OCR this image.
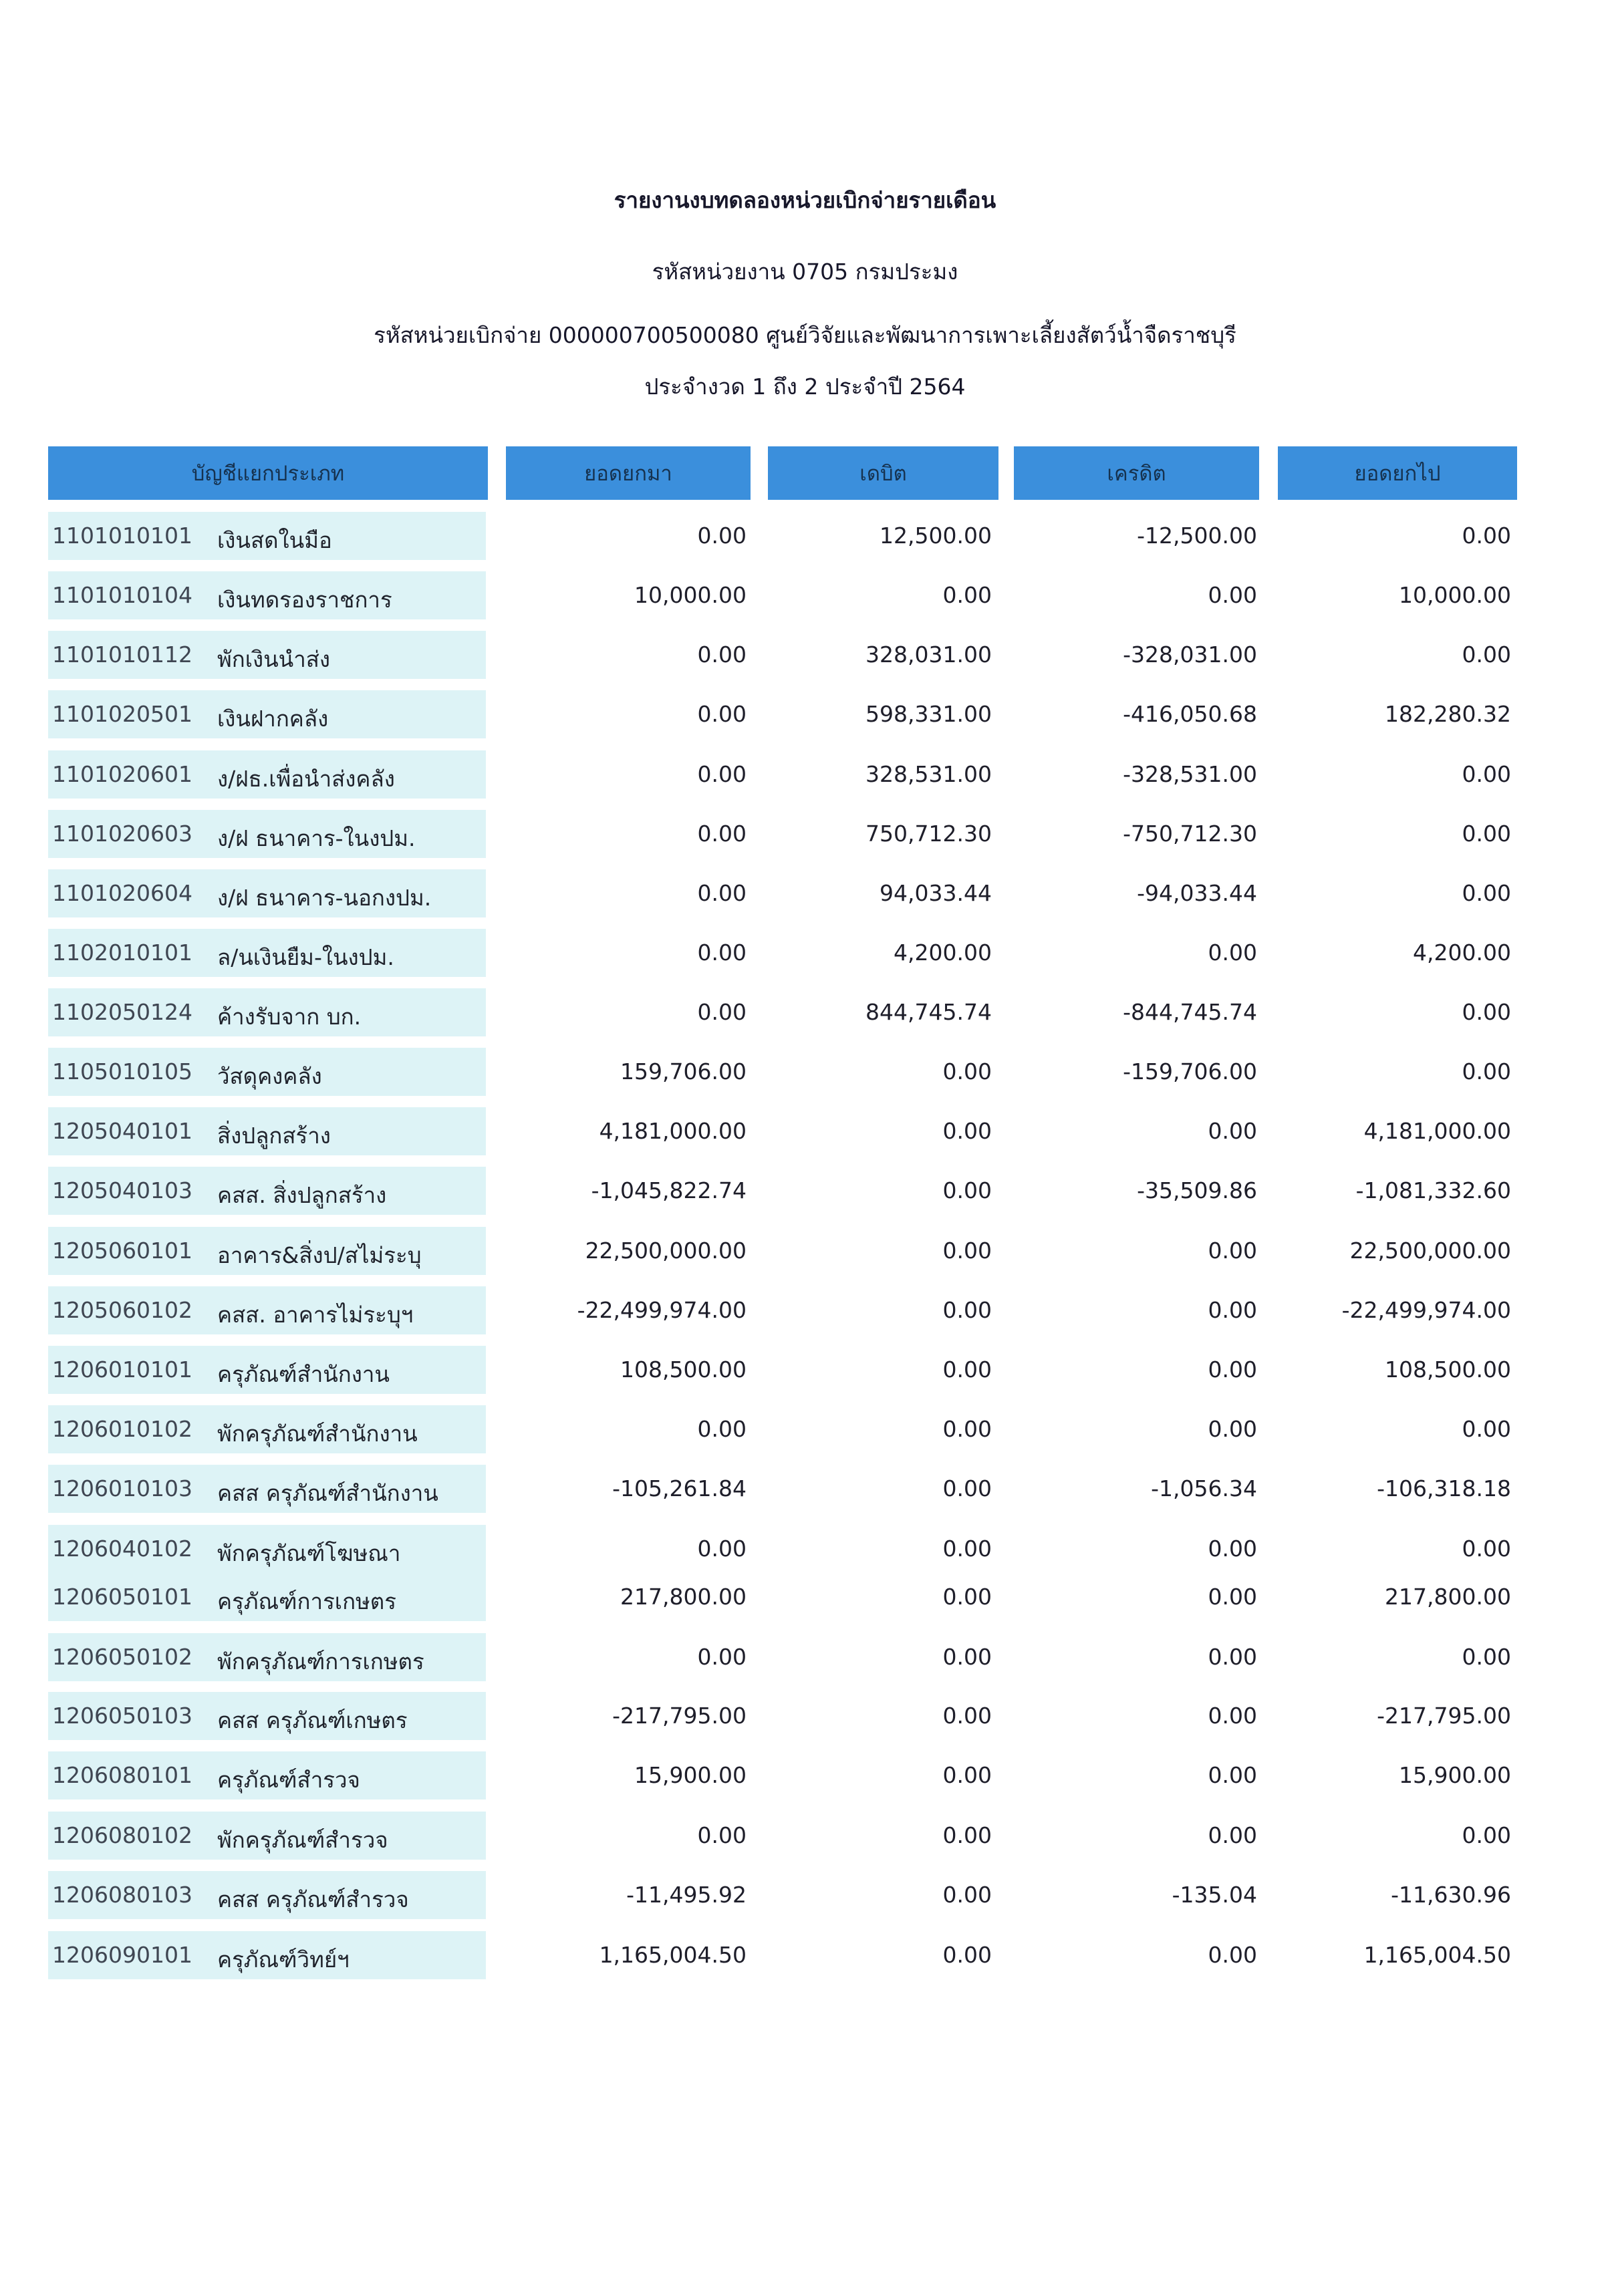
รายงานงบทดลองหน่วยเบิกจ่ายรายเดือน
รหัสหน่วยงาน 0705 กรมประมง
รหัสหน่วยเบิกจ่าย 000000700500080 ศูนย์วิจัยและพัฒนาการเพาะเลี้ยงสัตว์น้ำจืดราชบุรี
ประจำงวด 1 ถึง 2 ประจำปี 2564
บัญชีแยกประเภท	ยอดยกมา	เดบิต	เครดิต	ยอดยกไป
1101010101 เงินสดในมือ	0.00	12,500.00	-12,500.00	0.00
1101010104 เงินทดรองราชการ	10,000.00	0.00	0.00	10,000.00
1101010112 พักเงินนำส่ง	0.00	328,031.00	-328,031.00	0.00
1101020501 เงินฝากคลัง	0.00	598,331.00	-416,050.68	182,280.32
1101020601 ง/ฝธ.เพื่อนำส่งคลัง	0.00	328,531.00	-328,531.00	0.00
1101020603 ง/ฝ ธนาคาร-ในงปม.	0.00	750,712.30	-750,712.30	0.00
1101020604 ง/ฝ ธนาคาร-นอกงปม.	0.00	94,033.44	-94,033.44	0.00
1102010101 ล/นเงินยืม-ในงปม.	0.00	4,200.00	0.00	4,200.00
1102050124 ค้างรับจาก บก.	0.00	844,745.74	-844,745.74	0.00
1105010105 วัสดุคงคลัง	159,706.00	0.00	-159,706.00	0.00
1205040101 สิ่งปลูกสร้าง	4,181,000.00	0.00	0.00	4,181,000.00
1205040103 คสส. สิ่งปลูกสร้าง	-1,045,822.74	0.00	-35,509.86	-1,081,332.60
1205060101 อาคาร&สิ่งป/สไม่ระบุ	22,500,000.00	0.00	0.00	22,500,000.00
1205060102 คสส. อาคารไม่ระบุฯ	-22,499,974.00	0.00	0.00	-22,499,974.00
1206010101 ครุภัณฑ์สำนักงาน	108,500.00	0.00	0.00	108,500.00
1206010102 พักครุภัณฑ์สำนักงาน	0.00	0.00	0.00	0.00
1206010103 คสส ครุภัณฑ์สำนักงาน	-105,261.84	0.00	-1,056.34	-106,318.18
1206040102 พักครุภัณฑ์โฆษณา	0.00	0.00	0.00	0.00
1206050101 ครุภัณฑ์การเกษตร	217,800.00	0.00	0.00	217,800.00
1206050102 พักครุภัณฑ์การเกษตร	0.00	0.00	0.00	0.00
1206050103 คสส ครุภัณฑ์เกษตร	-217,795.00	0.00	0.00	-217,795.00
1206080101 ครุภัณฑ์สำรวจ	15,900.00	0.00	0.00	15,900.00
1206080102 พักครุภัณฑ์สำรวจ	0.00	0.00	0.00	0.00
1206080103 คสส ครุภัณฑ์สำรวจ	-11,495.92	0.00	-135.04	-11,630.96
1206090101 ครุภัณฑ์วิทย์ฯ	1,165,004.50	0.00	0.00	1,165,004.50
